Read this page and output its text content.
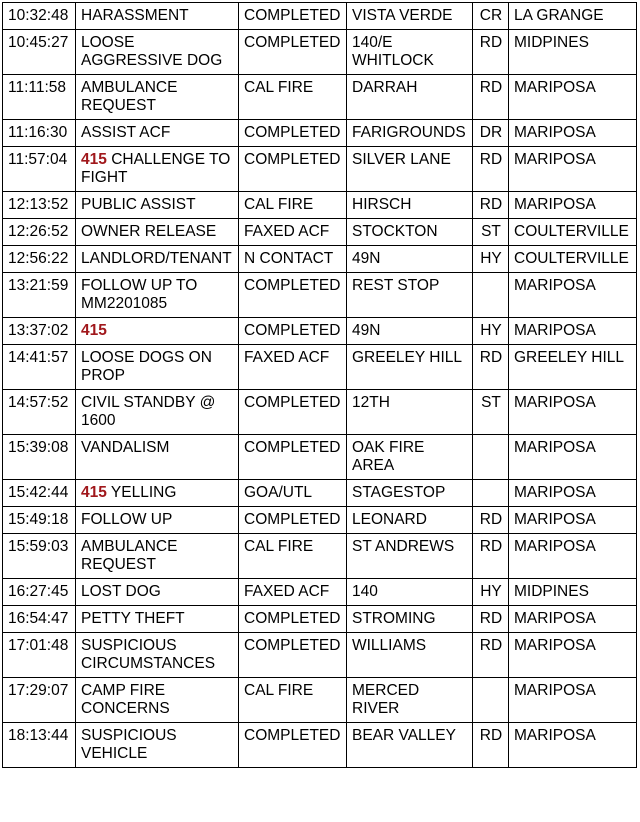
10:32:48	HARASSMENT	COMPLETED	VISTA VERDE	CR	LA GRANGE
10:45:27	LOOSE AGGRESSIVE DOG	COMPLETED	140/E WHITLOCK	RD	MIDPINES
11:11:58	AMBULANCE REQUEST	CAL FIRE	DARRAH	RD	MARIPOSA
11:16:30	ASSIST ACF	COMPLETED	FARIGROUNDS	DR	MARIPOSA
11:57:04	415 CHALLENGE TO FIGHT	COMPLETED	SILVER LANE	RD	MARIPOSA
12:13:52	PUBLIC ASSIST	CAL FIRE	HIRSCH	RD	MARIPOSA
12:26:52	OWNER RELEASE	FAXED ACF	STOCKTON	ST	COULTERVILLE
12:56:22	LANDLORD/TENANT	N CONTACT	49N	HY	COULTERVILLE
13:21:59	FOLLOW UP TO MM2201085	COMPLETED	REST STOP		MARIPOSA
13:37:02	415	COMPLETED	49N	HY	MARIPOSA
14:41:57	LOOSE DOGS ON PROP	FAXED ACF	GREELEY HILL	RD	GREELEY HILL
14:57:52	CIVIL STANDBY @ 1600	COMPLETED	12TH	ST	MARIPOSA
15:39:08	VANDALISM	COMPLETED	OAK FIRE AREA		MARIPOSA
15:42:44	415 YELLING	GOA/UTL	STAGESTOP		MARIPOSA
15:49:18	FOLLOW UP	COMPLETED	LEONARD	RD	MARIPOSA
15:59:03	AMBULANCE REQUEST	CAL FIRE	ST ANDREWS	RD	MARIPOSA
16:27:45	LOST DOG	FAXED ACF	140	HY	MIDPINES
16:54:47	PETTY THEFT	COMPLETED	STROMING	RD	MARIPOSA
17:01:48	SUSPICIOUS CIRCUMSTANCES	COMPLETED	WILLIAMS	RD	MARIPOSA
17:29:07	CAMP FIRE CONCERNS	CAL FIRE	MERCED RIVER		MARIPOSA
18:13:44	SUSPICIOUS VEHICLE	COMPLETED	BEAR VALLEY	RD	MARIPOSA
